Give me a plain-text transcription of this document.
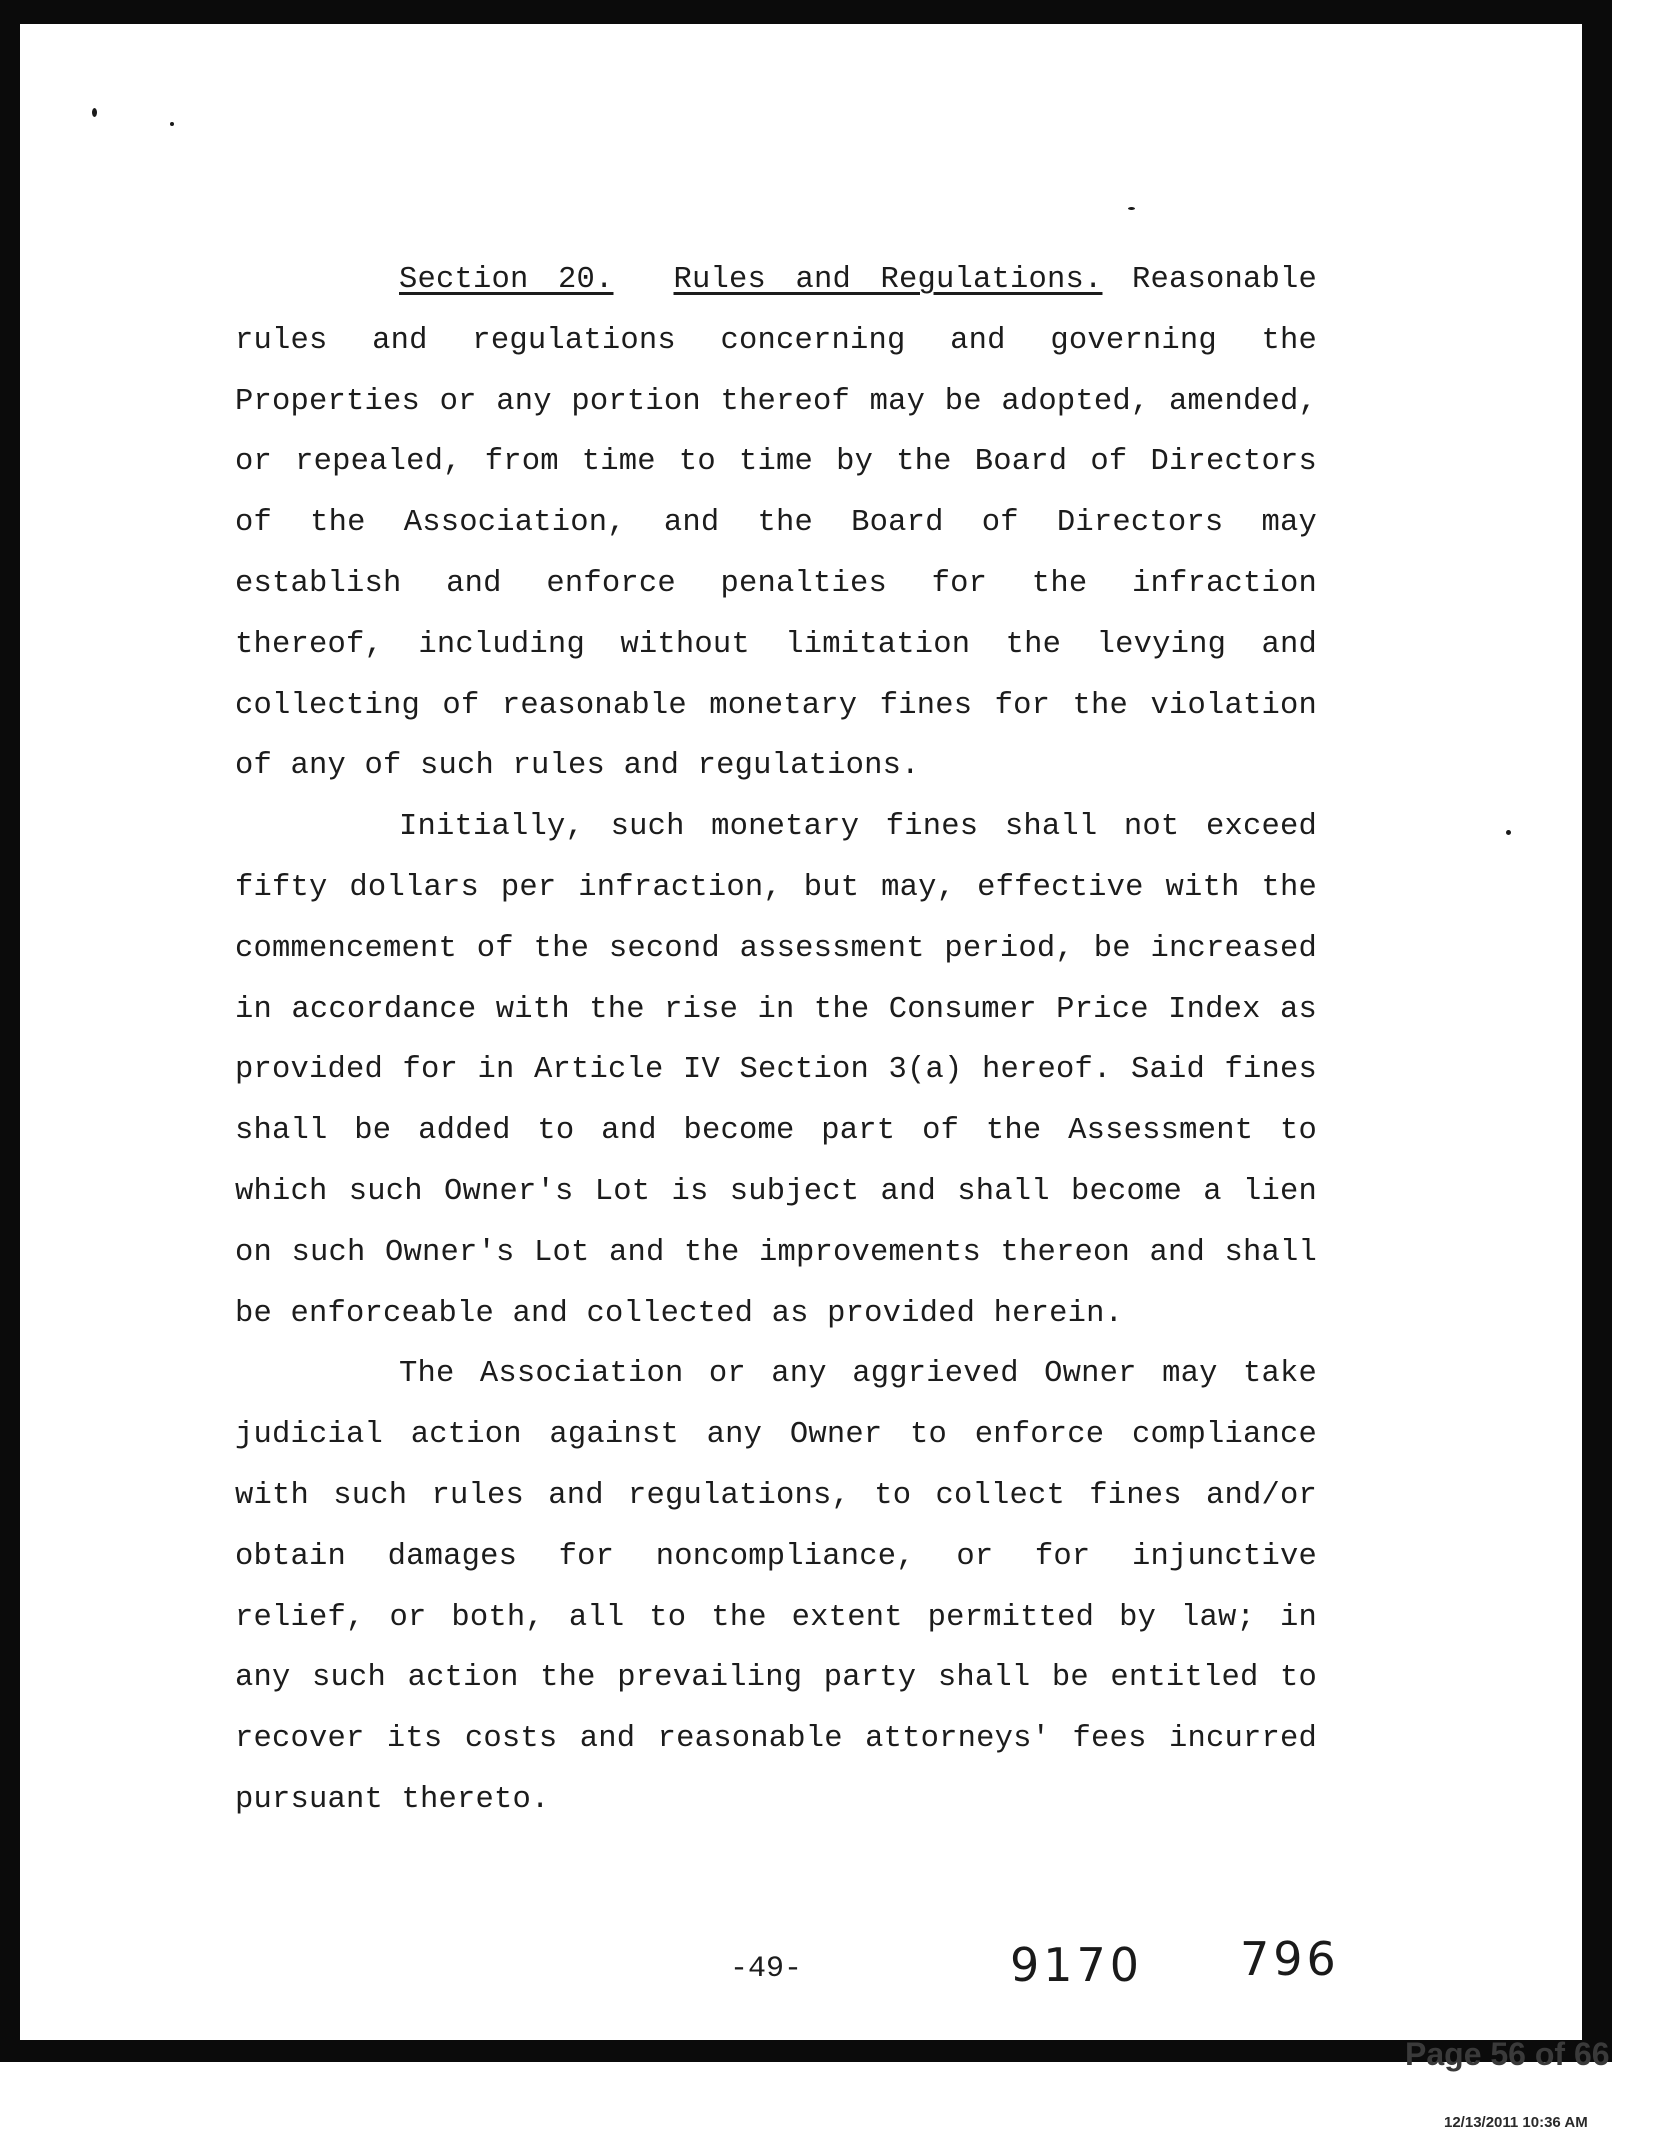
Section 20. Rules and Regulations. Reasonable rules and regulations concerning and governing the Properties or any portion thereof may be adopted, amended, or repealed, from time to time by the Board of Directors of the Association, and the Board of Directors may establish and enforce penalties for the infraction thereof, including without limitation the levying and collecting of reasonable monetary fines for the violation of any of such rules and regulations.

Initially, such monetary fines shall not exceed fifty dollars per infraction, but may, effective with the commencement of the second assessment period, be increased in accordance with the rise in the Consumer Price Index as provided for in Article IV Section 3(a) hereof. Said fines shall be added to and become part of the Assessment to which such Owner's Lot is subject and shall become a lien on such Owner's Lot and the improvements thereon and shall be enforceable and collected as provided herein.

The Association or any aggrieved Owner may take judicial action against any Owner to enforce compliance with such rules and regulations, to collect fines and/or obtain damages for noncompliance, or for injunctive relief, or both, all to the extent permitted by law; in any such action the prevailing party shall be entitled to recover its costs and reasonable attorneys' fees incurred pursuant thereto.

-49-	9170 796
Page 56 of 66
12/13/2011 10:36 AM
